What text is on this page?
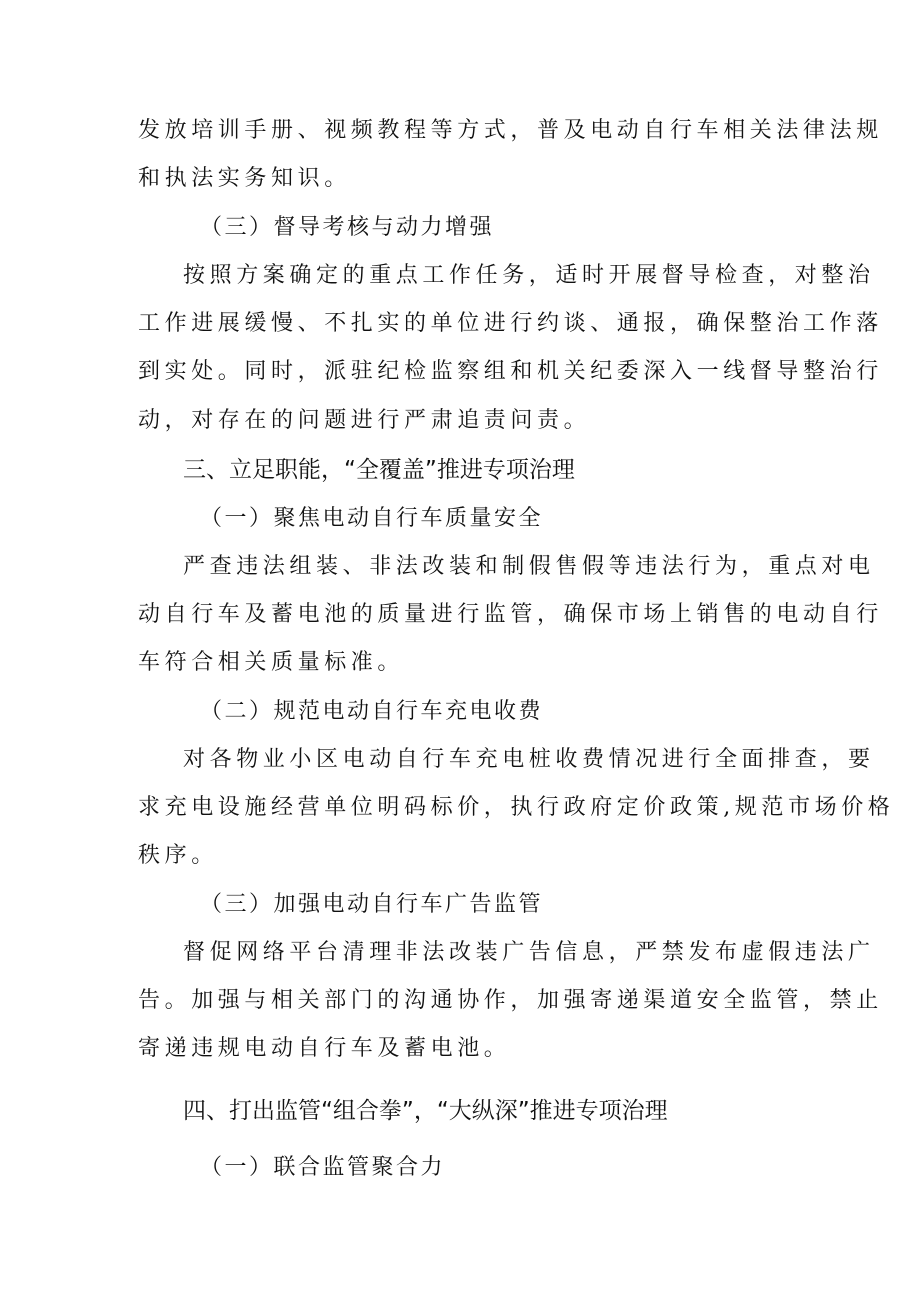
发放培训手册、视频教程等方式，普及电动自行车相关法律法规
和执法实务知识。
（三）督导考核与动力增强
按照方案确定的重点工作任务，适时开展督导检查，对整治
工作进展缓慢、不扎实的单位进行约谈、通报，确保整治工作落
到实处。同时，派驻纪检监察组和机关纪委深入一线督导整治行
动，对存在的问题进行严肃追责问责。
三、立足职能，“全覆盖”推进专项治理
（一）聚焦电动自行车质量安全
严查违法组装、非法改装和制假售假等违法行为，重点对电
动自行车及蓄电池的质量进行监管，确保市场上销售的电动自行
车符合相关质量标准。
（二）规范电动自行车充电收费
对各物业小区电动自行车充电桩收费情况进行全面排查，要
求充电设施经营单位明码标价，执行政府定价政策,规范市场价格
秩序。
（三）加强电动自行车广告监管
督促网络平台清理非法改装广告信息，严禁发布虚假违法广
告。加强与相关部门的沟通协作，加强寄递渠道安全监管，禁止
寄递违规电动自行车及蓄电池。
四、打出监管“组合拳”，“大纵深”推进专项治理
（一）联合监管聚合力
